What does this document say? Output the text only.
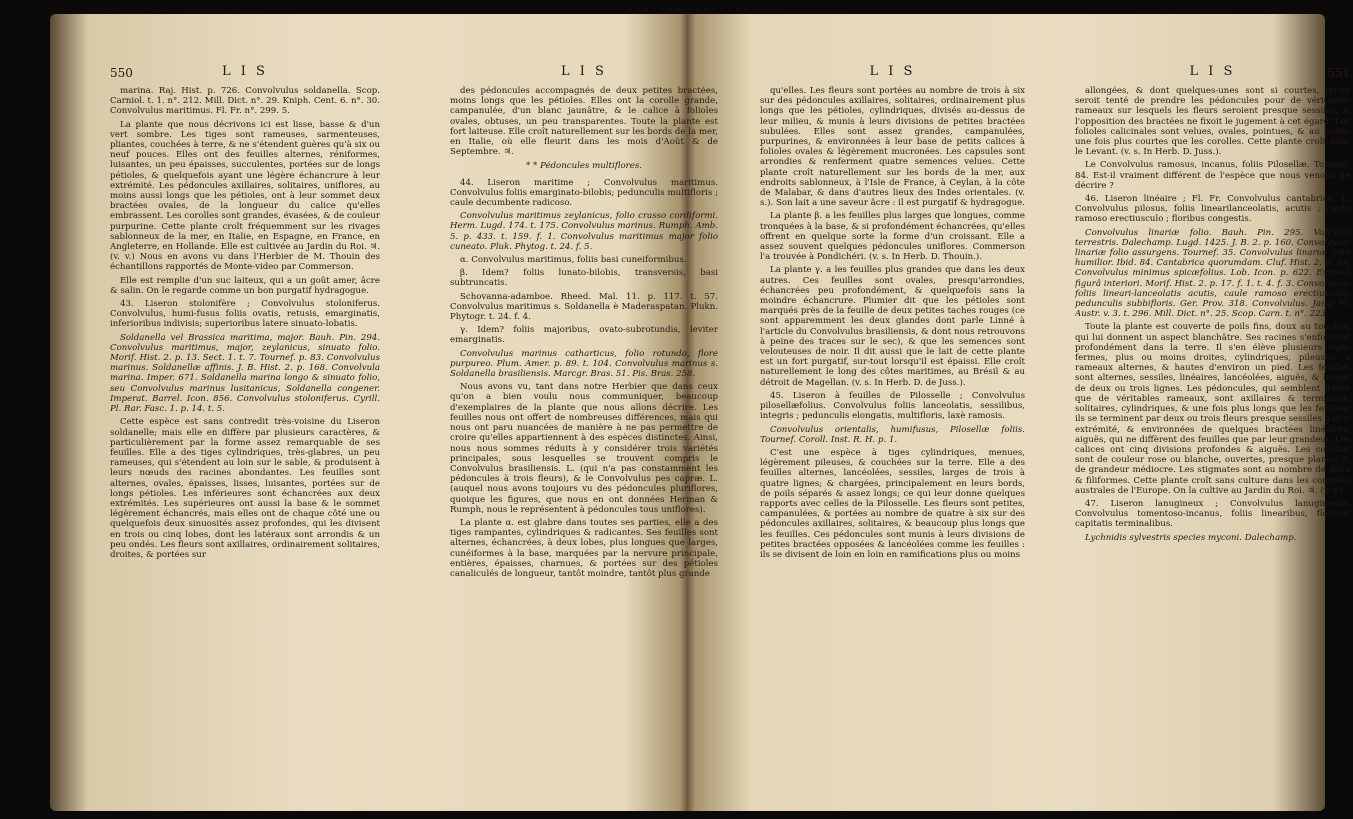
550	L I S

marina. Raj. Hist. p. 726. Convolvulus soldanella. Scop. Carniol. t. 1. n°. 212. Mill. Dict. n°. 29. Kniph. Cent. 6. n°. 30. Convolvulus maritimus. Fl. Fr. n°. 299. 5.

La plante que nous décrivons ici est lisse, basse & d'un vert sombre. Les tiges sont rameuses, sarmenteuses, pliantes, couchées à terre, & ne s'étendent guères qu'à six ou neuf pouces. Elles ont des feuilles alternes, réniformes, luisantes, un peu épaisses, succulentes, portées sur de longs pétioles, & quelquefois ayant une légère échancrure à leur extrémité. Les pédoncules axillaires, solitaires, uniflores, au moins aussi longs que les pétioles, ont à leur sommet deux bractées ovales, de la longueur du calice qu'elles embrassent. Les corolles sont grandes, évasées, & de couleur purpurine. Cette plante croît fréquemment sur les rivages sablonneux de la mer, en Italie, en Espagne, en France, en Angleterre, en Hollande. Elle est cultivée au Jardin du Roi. ♃. (v. v.) Nous en avons vu dans l'Herbier de M. Thouin des échantillons rapportés de Monte-video par Commerson.

Elle est remplie d'un suc laiteux, qui a un goût amer, âcre & salin. On le regarde comme un bon purgatif hydragogue.

43. Liseron stolonifère ; Convolvulus stoloniferus. Convolvulus, humi-fusus foliis ovatis, retusis, emarginatis, inferioribus indivisis; superioribus latere sinuato-lobatis.

Soldanella vel Brassica maritima, major. Bauh. Pin. 294. Convolvulus maritimus, major, zeylanicus, sinuato folio. Morif. Hist. 2. p. 13. Sect. 1. t. 7. Tournef. p. 83. Convolvulus marinus. Soldanellæ affinis. J. B. Hist. 2. p. 168. Convolvula marina. Imper. 671. Soldanella marina longo & sinuato folio, seu Convolvulus marinus lusitanicus, Soldanella congener. Imperat. Barrel. Icon. 856. Convolvulus stoloniferus. Cyrill. Pl. Rar. Fasc. 1. p. 14. t. 5.

Cette espèce est sans contredit très-voisine du Liseron soldanelle; mais elle en diffère par plusieurs caractères, & particulièrement par la forme assez remarquable de ses feuilles. Elle a des tiges cylindriques, très-glabres, un peu rameuses, qui s'étendent au loin sur le sable, & produisent à leurs nœuds des racines abondantes. Les feuilles sont alternes, ovales, épaisses, lisses, luisantes, portées sur de longs pétioles. Les inférieures sont échancrées aux deux extrémités. Les supérieures ont aussi la base & le sommet légèrement échancrés, mais elles ont de chaque côté une ou quelquefois deux sinuosités assez profondes, qui les divisent en trois ou cinq lobes, dont les latéraux sont arrondis & un peu ondés. Les fleurs sont axillaires, ordinairement solitaires, droites, & portées sur

L I S

des pédoncules accompagnés de deux petites bractées, moins longs que les pétioles. Elles ont la corolle grande, campanulée, d'un blanc jaunâtre, & le calice à folioles ovales, obtuses, un peu transparentes. Toute la plante est fort laiteuse. Elle croît naturellement sur les bords de la mer, en Italie, où elle fleurit dans les mois d'Août & de Septembre. ♃.

* * Pédoncules multiflores.

44. Liseron maritime ; Convolvulus maritimus. Convolvulus foliis emarginato-bilobis; pedunculis multifloris ; caule decumbente radicoso.

Convolvulus maritimus zeylanicus, folio crasso cordiformi. Herm. Lugd. 174. t. 175. Convolvulus marinus. Rumph. Amb. 5. p. 433. t. 159. f. 1. Convolvulus maritimus major folio cuneato. Pluk. Phytog. t. 24. f. 5.

α. Convolvulus maritimus, foliis basi cuneiformibus.

β. Idem? foliis lunato-bilobis, transversis, basi subtruncatis.

Schovanna-adamboe. Rheed. Mal. 11. p. 117. t. 57. Convolvulus maritimus s. Soldanella è Maderaspatan. Plukn. Phytogr. t. 24. f. 4.

γ. Idem? foliis majoribus, ovato-subrotundis, leviter emarginatis.

Convolvulus marinus catharticus, folio rotundo, flore purpureo. Plum. Amer. p. 89. t. 104. Convolvulus marinus s. Soldanella brasiliensis. Marcgr. Bras. 51. Pis. Bras. 258.

Nous avons vu, tant dans notre Herbier que dans ceux qu'on a bien voulu nous communiquer, beaucoup d'exemplaires de la plante que nous allons décrire. Les feuilles nous ont offert de nombreuses différences, mais qui nous ont paru nuancées de manière à ne pas permettre de croire qu'elles appartiennent à des espèces distinctes. Ainsi, nous nous sommes réduits à y considérer trois variétés principales, sous lesquelles se trouvent compris le Convolvulus brasiliensis. L. (qui n'a pas constamment les pédoncules à trois fleurs), & le Convolvulus pes capræ. L. (auquel nous avons toujours vu des pédoncules pluriflores, quoique les figures, que nous en ont données Herman & Rumph, nous le représentent à pédoncules tous uniflores).

La plante α. est glabre dans toutes ses parties, elle a des tiges rampantes, cylindriques & radicantes. Ses feuilles sont alternes, échancrées, à deux lobes, plus longues que larges, cunéiformes à la base, marquées par la nervure principale, entières, épaisses, charnues, & portées sur des pétioles canaliculés de longueur, tantôt moindre, tantôt plus grande

L I S

qu'elles. Les fleurs sont portées au nombre de trois à six sur des pédoncules axillaires, solitaires, ordinairement plus longs que les pétioles, cylindriques, divisés au-dessus de leur milieu, & munis à leurs divisions de petites bractées subulées. Elles sont assez grandes, campanulées, purpurines, & environnées à leur base de petits calices à folioles ovales & légèrement mucronées. Les capsules sont arrondies & renferment quatre semences velues. Cette plante croît naturellement sur les bords de la mer, aux endroits sablonneux, à l'Isle de France, à Ceylan, à la côte de Malabar, & dans d'autres lieux des Indes orientales. (v. s.). Son lait a une saveur âcre : il est purgatif & hydragogue.

La plante β. a les feuilles plus larges que longues, comme tronquées à la base, & si profondément échancrées, qu'elles offrent en quelque sorte la forme d'un croissant. Elle a assez souvent quelques pédoncules uniflores. Commerson l'a trouvée à Pondichéri. (v. s. In Herb. D. Thouin.).

La plante γ. a les feuilles plus grandes que dans les deux autres. Ces feuilles sont ovales, presqu'arrondies, échancrées peu profondément, & quelquefois sans la moindre échancrure. Plumier dit que les pétioles sont marqués près de la feuille de deux petites taches rouges (ce sont apparemment les deux glandes dont parle Linné à l'article du Convolvulus brasiliensis, & dont nous retrouvons à peine des traces sur le sec), & que les semences sont velouteuses de noir. Il dit aussi que le lait de cette plante est un fort purgatif, sur-tout lorsqu'il est épaissi. Elle croît naturellement le long des côtes maritimes, au Brésil & au détroit de Magellan. (v. s. In Herb. D. de Juss.).

45. Liseron à feuilles de Pilosselle ; Convolvulus pilosellæfolius. Convolvulus foliis lanceolatis, sessilibus, integris ; pedunculis elongatis, multifloris, laxè ramosis.

Convolvulus orientalis, humifusus, Pilosellæ foliis. Tournef. Coroll. Inst. R. H. p. 1.

C'est une espèce à tiges cylindriques, menues, légèrement pileuses, & couchées sur la terre. Elle a des feuilles alternes, lancéolées, sessiles, larges de trois à quatre lignes; & chargées, principalement en leurs bords, de poils séparés & assez longs; ce qui leur donne quelques rapports avec celles de la Pilosselle. Les fleurs sont petites, campanulées, & portées au nombre de quatre à six sur des pédoncules axillaires, solitaires, & beaucoup plus longs que les feuilles. Ces pédoncules sont munis à leurs divisions de petites bractées opposées & lancéolées comme les feuilles : ils se divisent de loin en loin en ramifications plus ou moins

L I S	551

allongées, & dont quelques-unes sont si courtes, qu'on seroit tenté de prendre les pédoncules pour de véritables rameaux sur lesquels les fleurs seroient presque sessiles, si l'opposition des bractées ne fixoit le jugement à cet égard. Les folioles calicinales sont velues, ovales, pointues, & au moins une fois plus courtes que les corolles. Cette plante croît dans le Levant. (v. s. In Herb. D. Juss.).

Le Convolvulus ramosus, incanus, foliis Pilosellæ. Tournef. 84. Est-il vraiment différent de l'espèce que nous venons de décrire ?

46. Liseron linéaire ; Fl. Fr. Convolvulus cantabrica. L. Convolvulus pilosus, foliis linearilanceolatis, acutis ; caule ramoso erectiusculo ; floribus congestis.

Convolvulus linariæ folio. Bauh. Pin. 295. Volvulus terrestris. Dalechamp. Lugd. 1425. J. B. 2. p. 160. Convolvulus linariæ folio assurgens. Tournef. 35. Convolvulus linariæ folio humilior. Ibid. 84. Cantabrica quorumdam. Cluf. Hist. 2. p. 49. Convolvulus minimus spicæfolius. Lob. Icon. p. 622. Exclusâ figurâ interiori. Morif. Hist. 2. p. 17. f. 1. t. 4. f. 3. Convolvulus foliis lineari-lanceolatis acutis, caule ramoso erectiusculo, pedunculis subbifloris. Ger. Prov. 318. Convolvulus. Jacq. Fl. Austr. v. 3. t. 296. Mill. Dict. n°. 25. Scop. Carn. t. n°. 223.

Toute la plante est couverte de poils fins, doux au toucher, qui lui donnent un aspect blanchâtre. Ses racines s'enfoncent profondément dans la terre. Il s'en élève plusieurs tiges fermes, plus ou moins droites, cylindriques, pileuses, à rameaux alternes, & hautes d'environ un pied. Les feuilles sont alternes, sessiles, linéaires, lancéolées, aiguës, & larges de deux ou trois lignes. Les pédoncules, qui semblent n'être que de véritables rameaux, sont axillaires & terminaux, solitaires, cylindriques, & une fois plus longs que les feuilles: ils se terminent par deux ou trois fleurs presque sessiles à leur extrémité, & environnées de quelques bractées linéaires, aiguës, qui ne diffèrent des feuilles que par leur grandeur. Les calices ont cinq divisions profondes & aiguës. Les corolles sont de couleur rose ou blanche, ouvertes, presque planes, & de grandeur médiocre. Les stigmates sont au nombre de deux & filiformes. Cette plante croît sans culture dans les contrées australes de l'Europe. On la cultive au Jardin du Roi. ♃. (v. v.).

47. Liseron lanugineux ; Convolvulus lanuginosus. Convolvulus tomentoso-incanus, foliis linearibus, floribus capitatis terminalibus.

Lychnidis sylvestris species myconi. Dalechamp.
